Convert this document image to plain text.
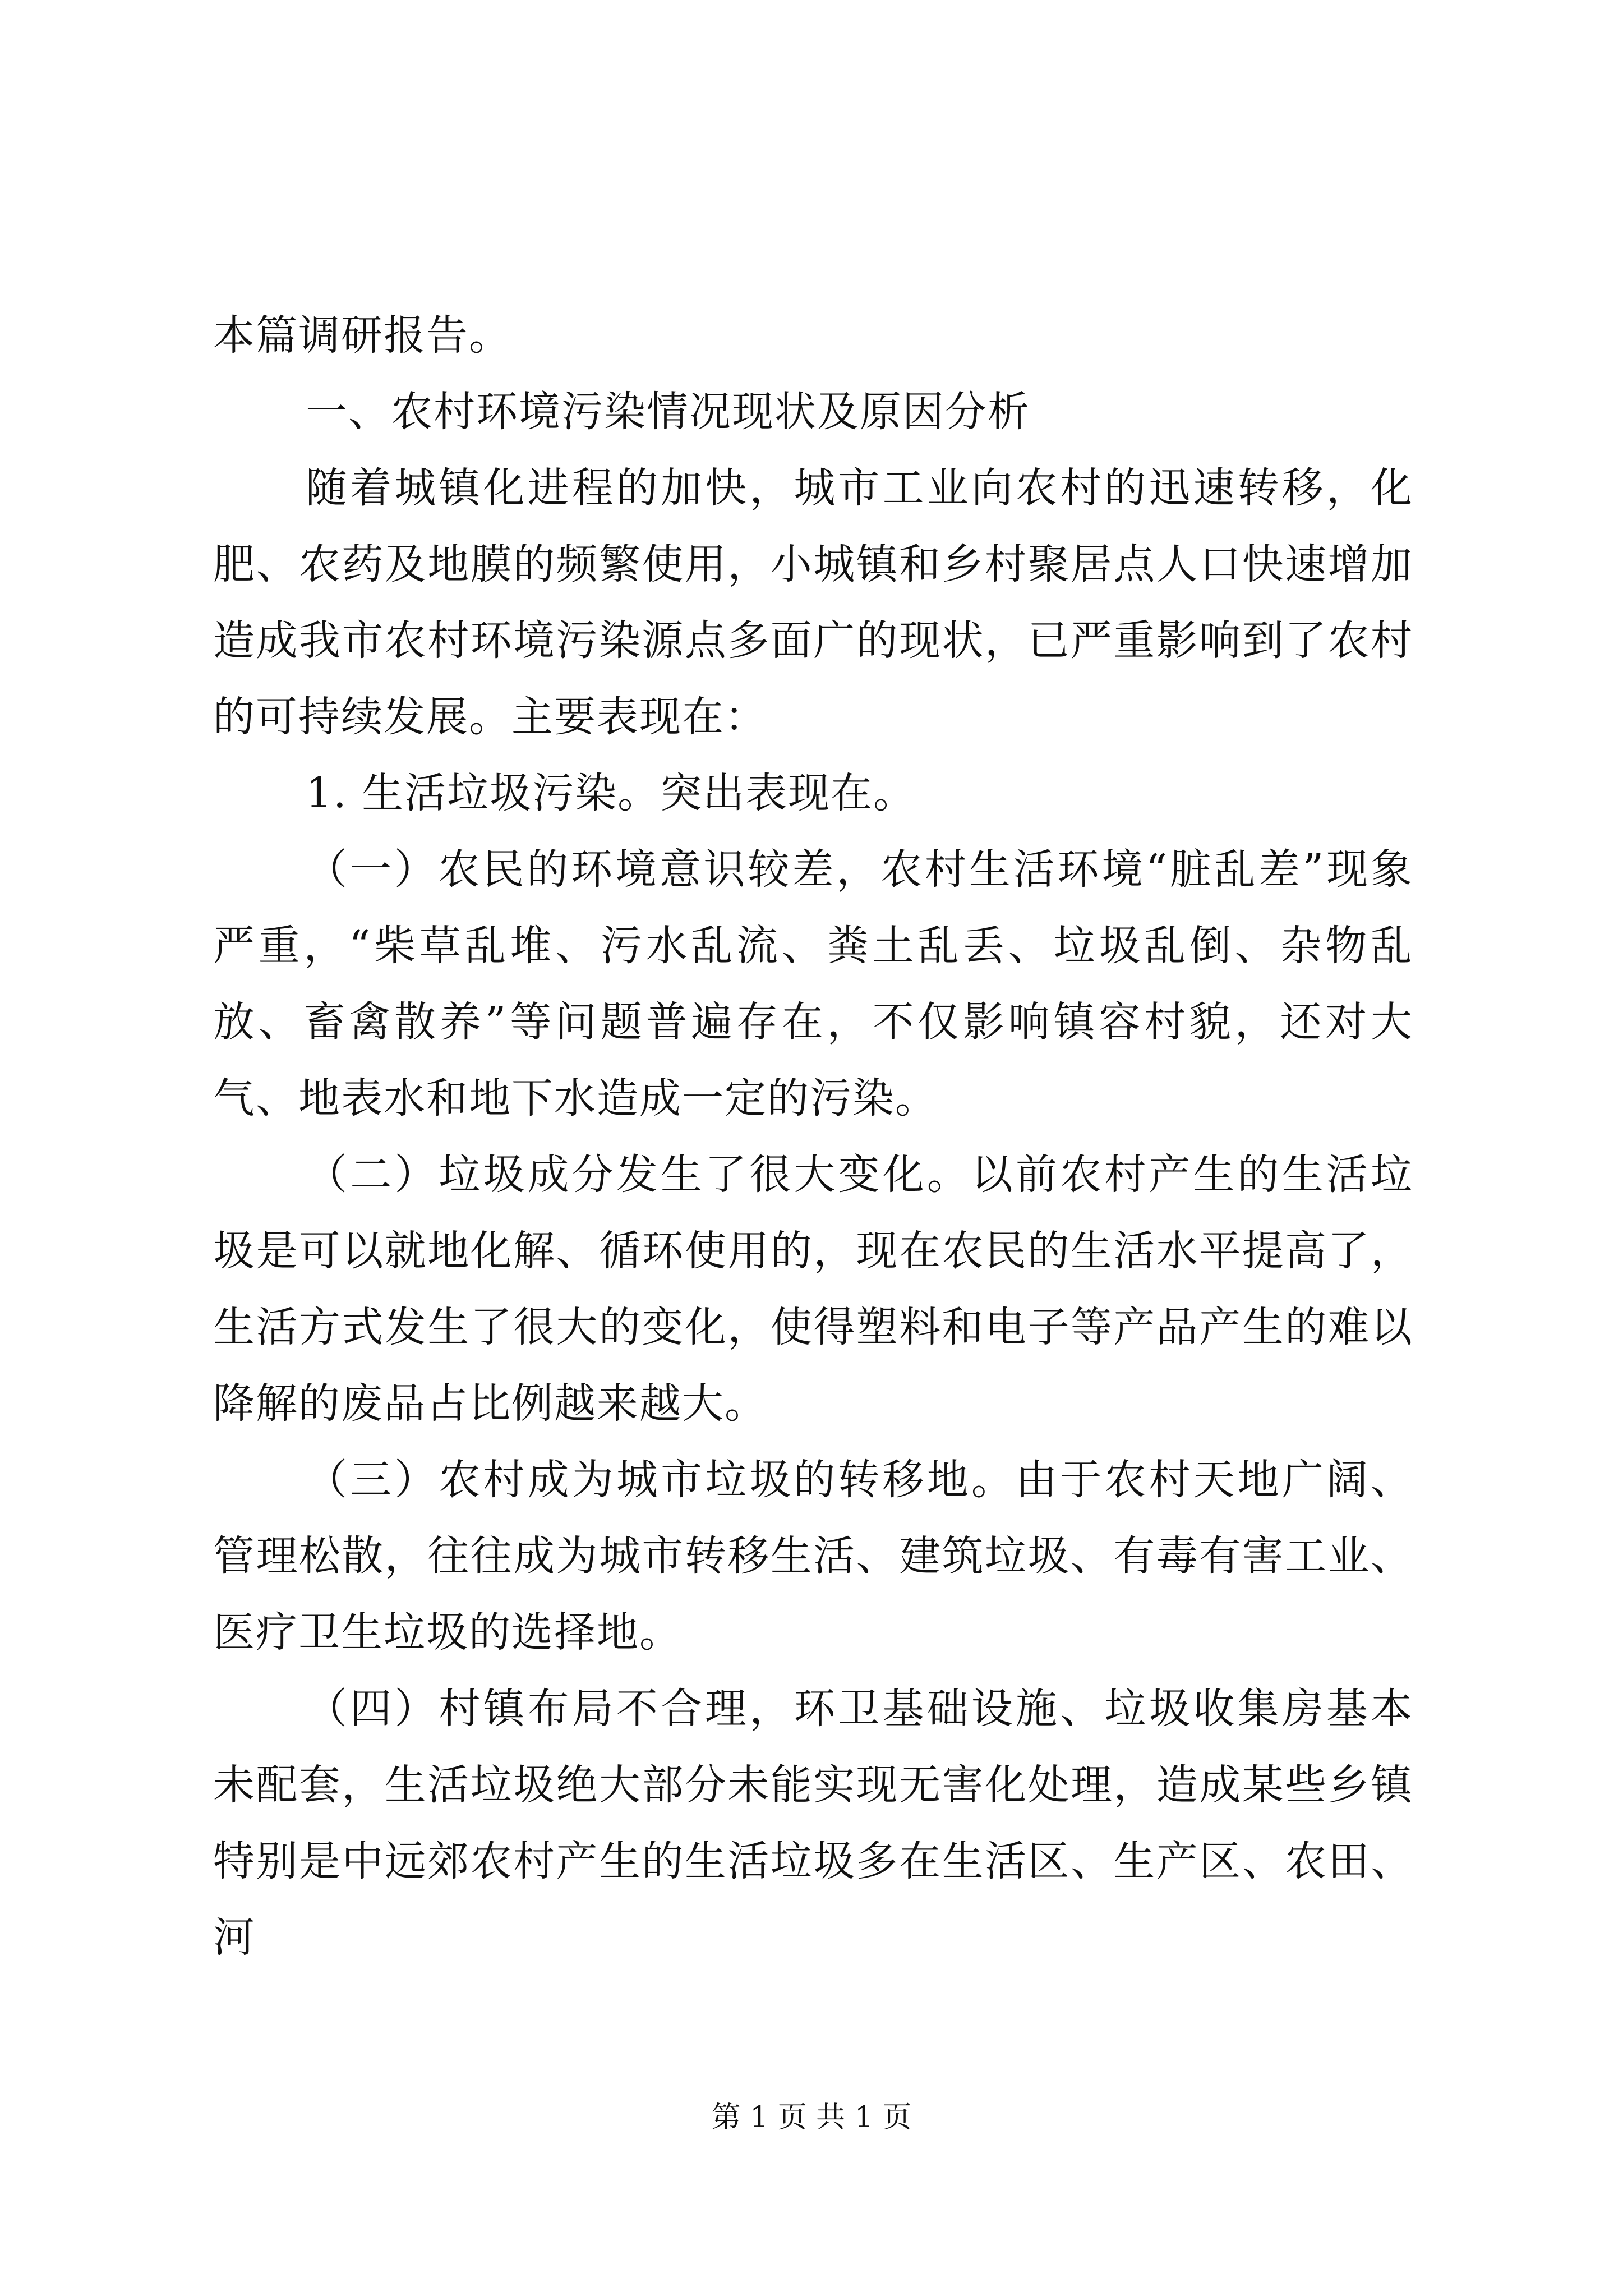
本篇调研报告。

一、农村环境污染情况现状及原因分析

随着城镇化进程的加快，城市工业向农村的迅速转移，化肥、农药及地膜的频繁使用，小城镇和乡村聚居点人口快速增加造成我市农村环境污染源点多面广的现状，已严重影响到了农村的可持续发展。主要表现在：

1. 生活垃圾污染。突出表现在。

（一）农民的环境意识较差，农村生活环境“脏乱差”现象严重，“柴草乱堆、污水乱流、粪土乱丢、垃圾乱倒、杂物乱放、畜禽散养”等问题普遍存在，不仅影响镇容村貌，还对大气、地表水和地下水造成一定的污染。

（二）垃圾成分发生了很大变化。以前农村产生的生活垃圾是可以就地化解、循环使用的，现在农民的生活水平提高了，生活方式发生了很大的变化，使得塑料和电子等产品产生的难以降解的废品占比例越来越大。

（三）农村成为城市垃圾的转移地。由于农村天地广阔、管理松散，往往成为城市转移生活、建筑垃圾、有毒有害工业、医疗卫生垃圾的选择地。

（四）村镇布局不合理，环卫基础设施、垃圾收集房基本未配套，生活垃圾绝大部分未能实现无害化处理，造成某些乡镇特别是中远郊农村产生的生活垃圾多在生活区、生产区、农田、河

第 1 页 共 1 页
